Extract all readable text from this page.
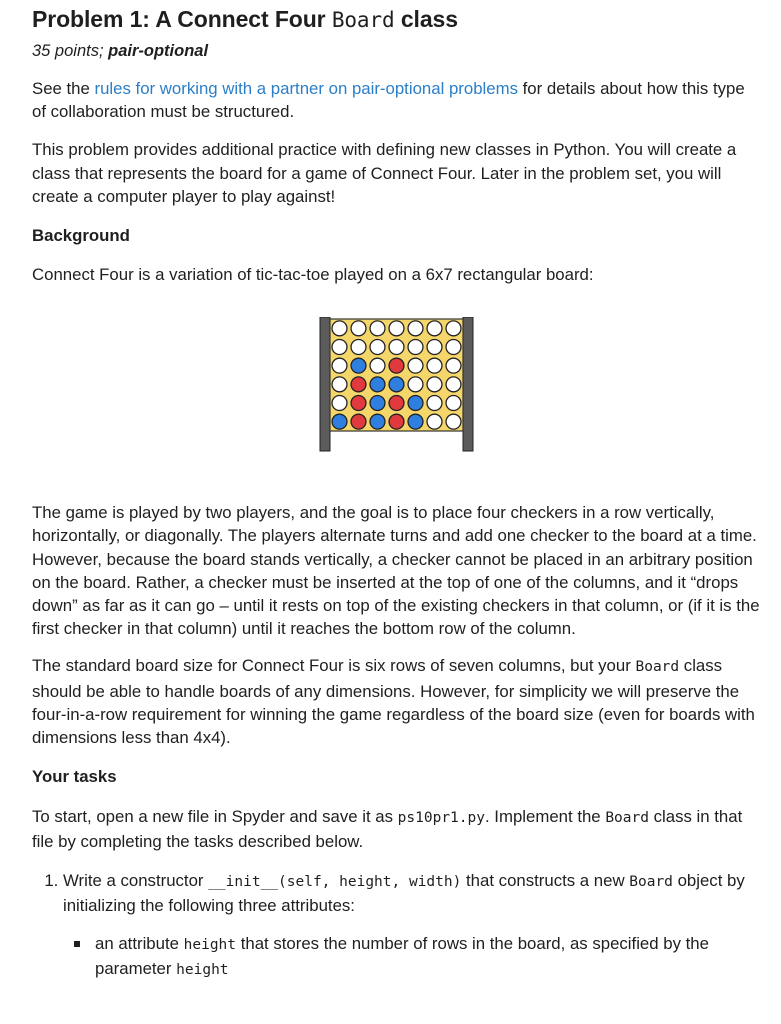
Problem 1: A Connect Four Board class
35 points; pair-optional

See the rules for working with a partner on pair-optional problems for details about how this type of collaboration must be structured.

This problem provides additional practice with defining new classes in Python. You will create a class that represents the board for a game of Connect Four. Later in the problem set, you will create a computer player to play against!

Background

Connect Four is a variation of tic-tac-toe played on a 6x7 rectangular board:

The game is played by two players, and the goal is to place four checkers in a row vertically, horizontally, or diagonally. The players alternate turns and add one checker to the board at a time. However, because the board stands vertically, a checker cannot be placed in an arbitrary position on the board. Rather, a checker must be inserted at the top of one of the columns, and it “drops down” as far as it can go – until it rests on top of the existing checkers in that column, or (if it is the first checker in that column) until it reaches the bottom row of the column.

The standard board size for Connect Four is six rows of seven columns, but your Board class should be able to handle boards of any dimensions. However, for simplicity we will preserve the four-in-a-row requirement for winning the game regardless of the board size (even for boards with dimensions less than 4x4).

Your tasks

To start, open a new file in Spyder and save it as ps10pr1.py. Implement the Board class in that file by completing the tasks described below.

1. Write a constructor __init__(self, height, width) that constructs a new Board object by initializing the following three attributes:
an attribute height that stores the number of rows in the board, as specified by the parameter height
